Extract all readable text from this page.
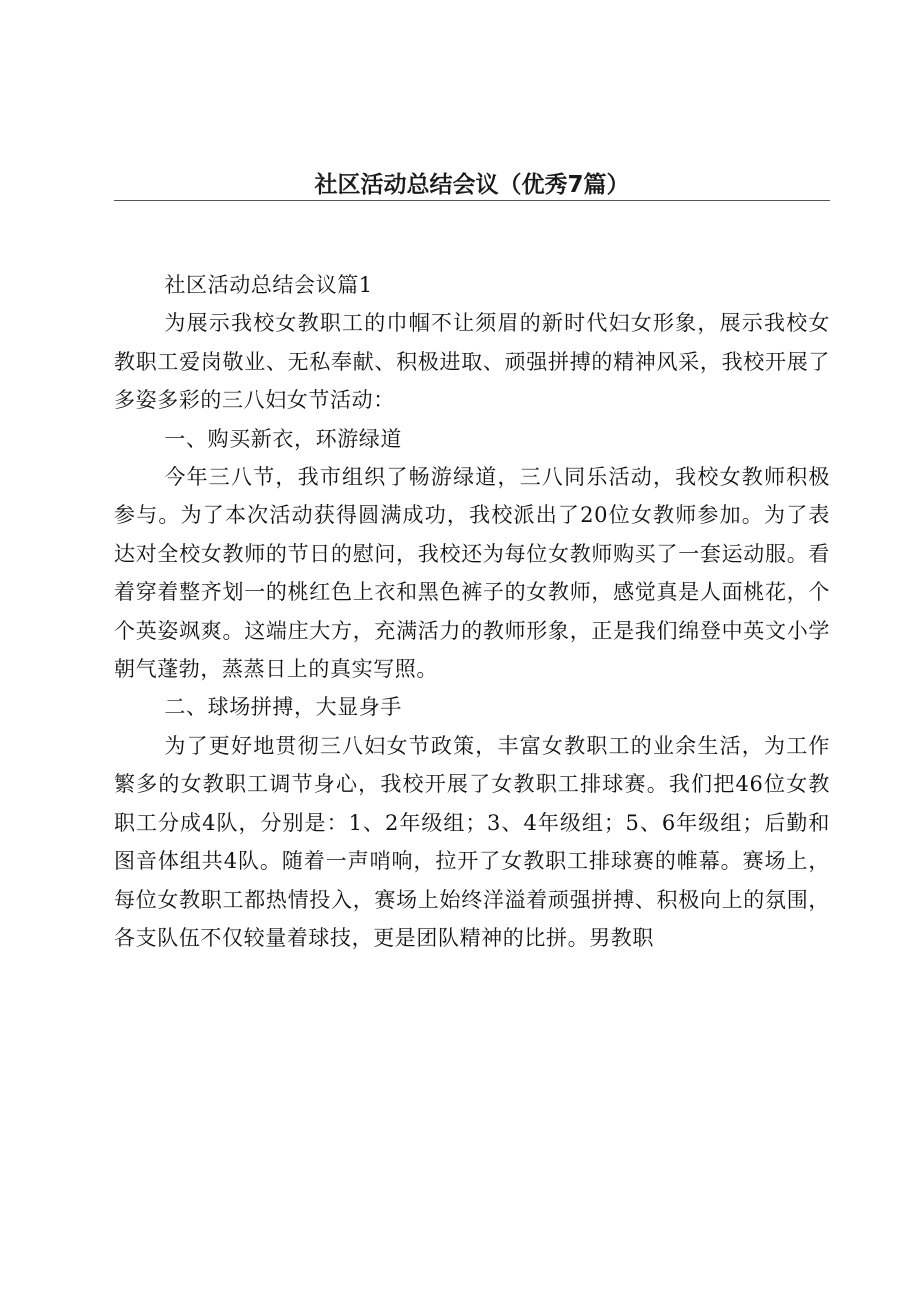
社区活动总结会议（优秀7篇）

社区活动总结会议篇1

为展示我校女教职工的巾帼不让须眉的新时代妇女形象，展示我校女教职工爱岗敬业、无私奉献、积极进取、顽强拼搏的精神风采，我校开展了多姿多彩的三八妇女节活动：

一、购买新衣，环游绿道

今年三八节，我市组织了畅游绿道，三八同乐活动，我校女教师积极参与。为了本次活动获得圆满成功，我校派出了20位女教师参加。为了表达对全校女教师的节日的慰问，我校还为每位女教师购买了一套运动服。看着穿着整齐划一的桃红色上衣和黑色裤子的女教师，感觉真是人面桃花，个个英姿飒爽。这端庄大方，充满活力的教师形象，正是我们绵登中英文小学朝气蓬勃，蒸蒸日上的真实写照。

二、球场拼搏，大显身手

为了更好地贯彻三八妇女节政策，丰富女教职工的业余生活，为工作繁多的女教职工调节身心，我校开展了女教职工排球赛。我们把46位女教职工分成4队，分别是：1、2年级组；3、4年级组；5、6年级组；后勤和图音体组共4队。随着一声哨响，拉开了女教职工排球赛的帷幕。赛场上，每位女教职工都热情投入，赛场上始终洋溢着顽强拼搏、积极向上的氛围，各支队伍不仅较量着球技，更是团队精神的比拼。男教职
